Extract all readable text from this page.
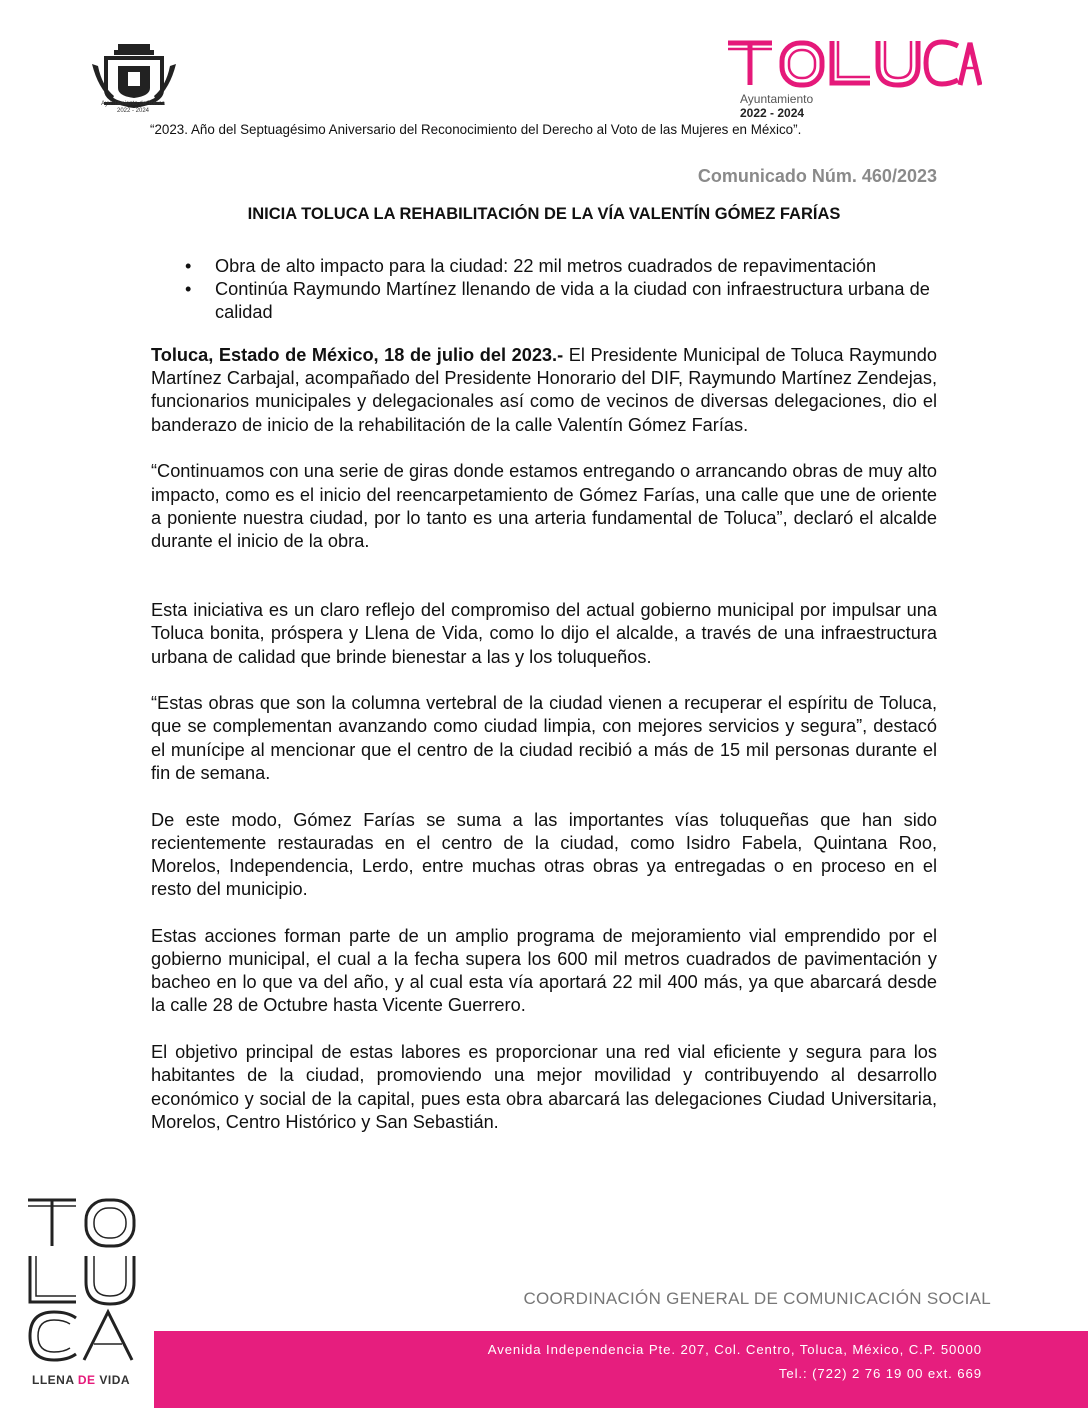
Ayuntamiento de Toluca
2022 - 2024
Ayuntamiento
2022 - 2024
“2023. Año del Septuagésimo Aniversario del Reconocimiento del Derecho al Voto de las Mujeres en México”.
Comunicado Núm. 460/2023
INICIA TOLUCA LA REHABILITACIÓN DE LA VÍA VALENTÍN GÓMEZ FARÍAS
• Obra de alto impacto para la ciudad: 22 mil metros cuadrados de repavimentación
• Continúa Raymundo Martínez llenando de vida a la ciudad con infraestructura urbana de calidad

Toluca, Estado de México, 18 de julio del 2023.- El Presidente Municipal de Toluca Raymundo Martínez Carbajal, acompañado del Presidente Honorario del DIF, Raymundo Martínez Zendejas, funcionarios municipales y delegacionales así como de vecinos de diversas delegaciones, dio el banderazo de inicio de la rehabilitación de la calle Valentín Gómez Farías.

“Continuamos con una serie de giras donde estamos entregando o arrancando obras de muy alto impacto, como es el inicio del reencarpetamiento de Gómez Farías, una calle que une de oriente a poniente nuestra ciudad, por lo tanto es una arteria fundamental de Toluca”, declaró el alcalde durante el inicio de la obra.

Esta iniciativa es un claro reflejo del compromiso del actual gobierno municipal por impulsar una Toluca bonita, próspera y Llena de Vida, como lo dijo el alcalde, a través de una infraestructura urbana de calidad que brinde bienestar a las y los toluqueños.

“Estas obras que son la columna vertebral de la ciudad vienen a recuperar el espíritu de Toluca, que se complementan avanzando como ciudad limpia, con mejores servicios y segura”, destacó el munícipe al mencionar que el centro de la ciudad recibió a más de 15 mil personas durante el fin de semana.

De este modo, Gómez Farías se suma a las importantes vías toluqueñas que han sido recientemente restauradas en el centro de la ciudad, como Isidro Fabela, Quintana Roo, Morelos, Independencia, Lerdo, entre muchas otras obras ya entregadas o en proceso en el resto del municipio.

Estas acciones forman parte de un amplio programa de mejoramiento vial emprendido por el gobierno municipal, el cual a la fecha supera los 600 mil metros cuadrados de pavimentación y bacheo en lo que va del año, y al cual esta vía aportará 22 mil 400 más, ya que abarcará desde la calle 28 de Octubre hasta Vicente Guerrero.

El objetivo principal de estas labores es proporcionar una red vial eficiente y segura para los habitantes de la ciudad, promoviendo una mejor movilidad y contribuyendo al desarrollo económico y social de la capital, pues esta obra abarcará las delegaciones Ciudad Universitaria, Morelos, Centro Histórico y San Sebastián.

LLENA DE VIDA
COORDINACIÓN GENERAL DE COMUNICACIÓN SOCIAL
Avenida Independencia Pte. 207, Col. Centro, Toluca, México, C.P. 50000
Tel.: (722) 2 76 19 00 ext. 669
